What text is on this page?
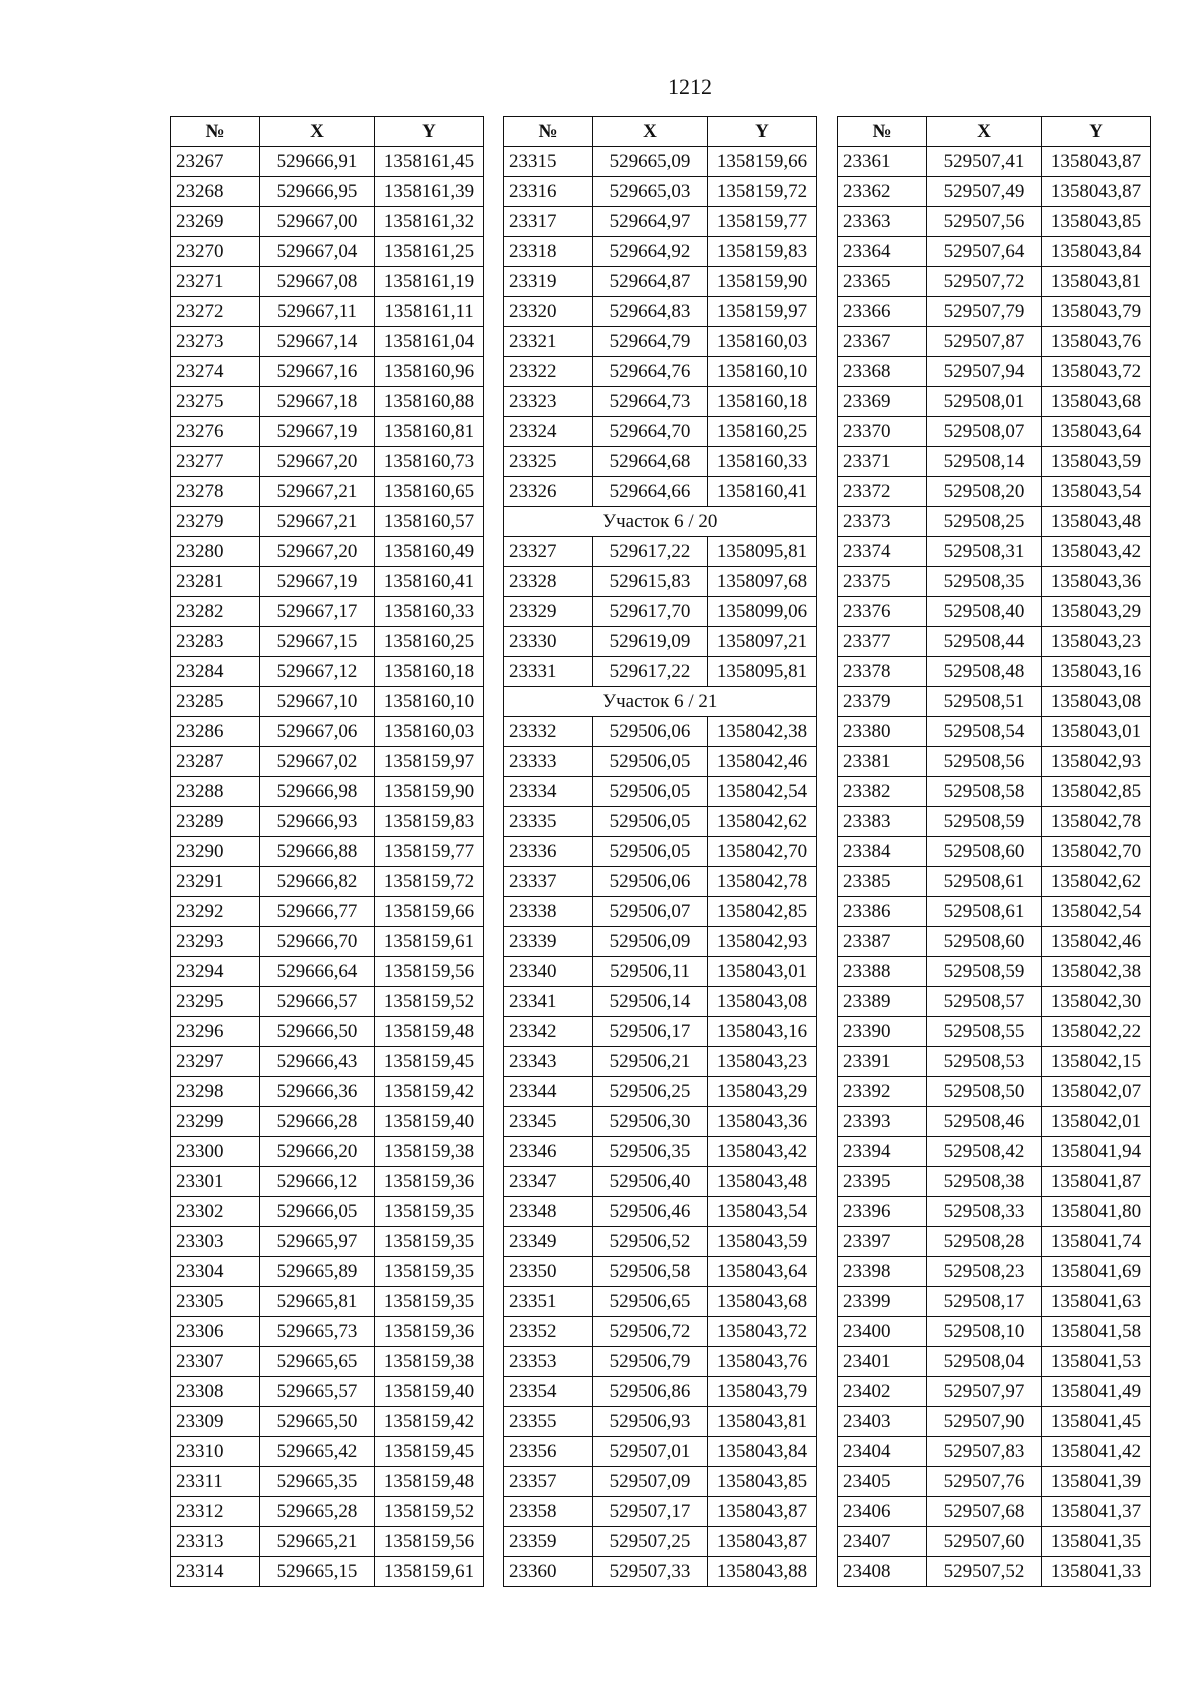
1212
№	X	Y
23267	529666,91	1358161,45
23268	529666,95	1358161,39
23269	529667,00	1358161,32
23270	529667,04	1358161,25
23271	529667,08	1358161,19
23272	529667,11	1358161,11
23273	529667,14	1358161,04
23274	529667,16	1358160,96
23275	529667,18	1358160,88
23276	529667,19	1358160,81
23277	529667,20	1358160,73
23278	529667,21	1358160,65
23279	529667,21	1358160,57
23280	529667,20	1358160,49
23281	529667,19	1358160,41
23282	529667,17	1358160,33
23283	529667,15	1358160,25
23284	529667,12	1358160,18
23285	529667,10	1358160,10
23286	529667,06	1358160,03
23287	529667,02	1358159,97
23288	529666,98	1358159,90
23289	529666,93	1358159,83
23290	529666,88	1358159,77
23291	529666,82	1358159,72
23292	529666,77	1358159,66
23293	529666,70	1358159,61
23294	529666,64	1358159,56
23295	529666,57	1358159,52
23296	529666,50	1358159,48
23297	529666,43	1358159,45
23298	529666,36	1358159,42
23299	529666,28	1358159,40
23300	529666,20	1358159,38
23301	529666,12	1358159,36
23302	529666,05	1358159,35
23303	529665,97	1358159,35
23304	529665,89	1358159,35
23305	529665,81	1358159,35
23306	529665,73	1358159,36
23307	529665,65	1358159,38
23308	529665,57	1358159,40
23309	529665,50	1358159,42
23310	529665,42	1358159,45
23311	529665,35	1358159,48
23312	529665,28	1358159,52
23313	529665,21	1358159,56
23314	529665,15	1358159,61
№	X	Y
23315	529665,09	1358159,66
23316	529665,03	1358159,72
23317	529664,97	1358159,77
23318	529664,92	1358159,83
23319	529664,87	1358159,90
23320	529664,83	1358159,97
23321	529664,79	1358160,03
23322	529664,76	1358160,10
23323	529664,73	1358160,18
23324	529664,70	1358160,25
23325	529664,68	1358160,33
23326	529664,66	1358160,41
Участок 6 / 20		
23327	529617,22	1358095,81
23328	529615,83	1358097,68
23329	529617,70	1358099,06
23330	529619,09	1358097,21
23331	529617,22	1358095,81
Участок 6 / 21		
23332	529506,06	1358042,38
23333	529506,05	1358042,46
23334	529506,05	1358042,54
23335	529506,05	1358042,62
23336	529506,05	1358042,70
23337	529506,06	1358042,78
23338	529506,07	1358042,85
23339	529506,09	1358042,93
23340	529506,11	1358043,01
23341	529506,14	1358043,08
23342	529506,17	1358043,16
23343	529506,21	1358043,23
23344	529506,25	1358043,29
23345	529506,30	1358043,36
23346	529506,35	1358043,42
23347	529506,40	1358043,48
23348	529506,46	1358043,54
23349	529506,52	1358043,59
23350	529506,58	1358043,64
23351	529506,65	1358043,68
23352	529506,72	1358043,72
23353	529506,79	1358043,76
23354	529506,86	1358043,79
23355	529506,93	1358043,81
23356	529507,01	1358043,84
23357	529507,09	1358043,85
23358	529507,17	1358043,87
23359	529507,25	1358043,87
23360	529507,33	1358043,88
№	X	Y
23361	529507,41	1358043,87
23362	529507,49	1358043,87
23363	529507,56	1358043,85
23364	529507,64	1358043,84
23365	529507,72	1358043,81
23366	529507,79	1358043,79
23367	529507,87	1358043,76
23368	529507,94	1358043,72
23369	529508,01	1358043,68
23370	529508,07	1358043,64
23371	529508,14	1358043,59
23372	529508,20	1358043,54
23373	529508,25	1358043,48
23374	529508,31	1358043,42
23375	529508,35	1358043,36
23376	529508,40	1358043,29
23377	529508,44	1358043,23
23378	529508,48	1358043,16
23379	529508,51	1358043,08
23380	529508,54	1358043,01
23381	529508,56	1358042,93
23382	529508,58	1358042,85
23383	529508,59	1358042,78
23384	529508,60	1358042,70
23385	529508,61	1358042,62
23386	529508,61	1358042,54
23387	529508,60	1358042,46
23388	529508,59	1358042,38
23389	529508,57	1358042,30
23390	529508,55	1358042,22
23391	529508,53	1358042,15
23392	529508,50	1358042,07
23393	529508,46	1358042,01
23394	529508,42	1358041,94
23395	529508,38	1358041,87
23396	529508,33	1358041,80
23397	529508,28	1358041,74
23398	529508,23	1358041,69
23399	529508,17	1358041,63
23400	529508,10	1358041,58
23401	529508,04	1358041,53
23402	529507,97	1358041,49
23403	529507,90	1358041,45
23404	529507,83	1358041,42
23405	529507,76	1358041,39
23406	529507,68	1358041,37
23407	529507,60	1358041,35
23408	529507,52	1358041,33
